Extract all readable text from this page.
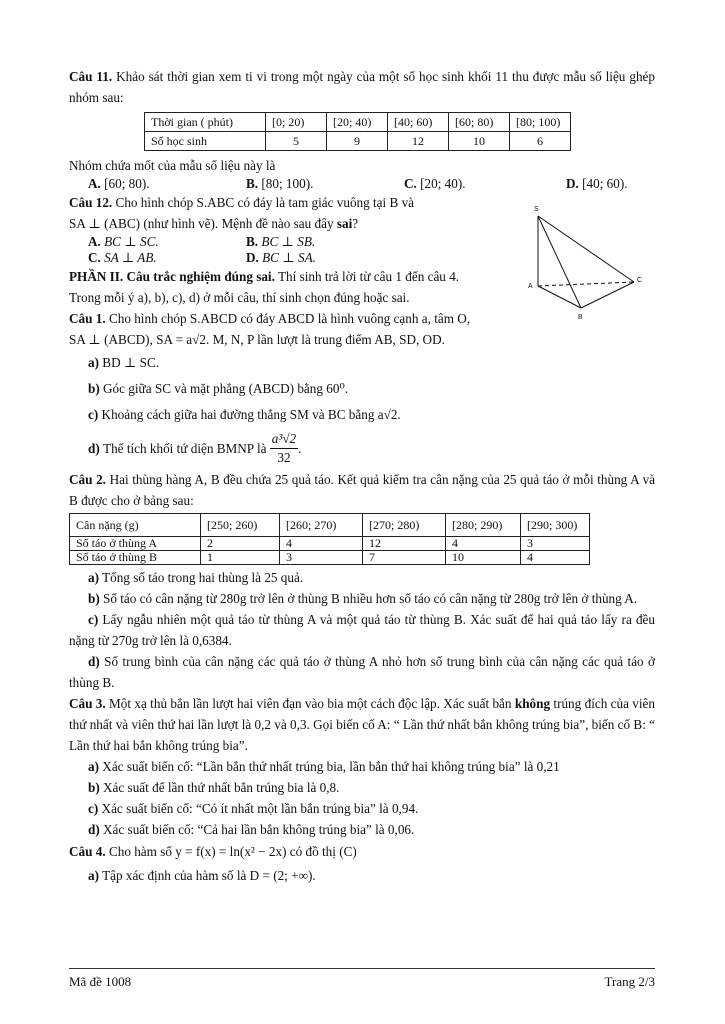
Câu 11. Khảo sát thời gian xem ti vi trong một ngày của một số học sinh khối 11 thu được mẫu số liệu ghép nhóm sau:

Thời gian ( phút)	[0; 20)	[20; 40)	[40; 60)	[60; 80)	[80; 100)
Số học sinh	5	9	12	10	6

Nhóm chứa mốt của mẫu số liệu này là

A. [60; 80).	B. [80; 100).	C. [20; 40).	D. [40; 60).

Câu 12. Cho hình chóp S.ABC có đáy là tam giác vuông tại B và

SA ⊥ (ABC) (như hình vẽ). Mệnh đề nào sau đây sai?

A. BC ⊥ SC.	B. BC ⊥ SB.
C. SA ⊥ AB.	D. BC ⊥ SA.

PHẦN II. Câu trắc nghiệm đúng sai. Thí sinh trả lời từ câu 1 đến câu 4.

Trong mỗi ý a), b), c), d) ở mỗi câu, thí sinh chọn đúng hoặc sai.

Câu 1. Cho hình chóp S.ABCD có đáy ABCD là hình vuông cạnh a, tâm O,

SA ⊥ (ABCD), SA = a√2. M, N, P lần lượt là trung điểm AB, SD, OD.

a) BD ⊥ SC.

b) Góc giữa SC và mặt phẳng (ABCD) bằng 60⁰.

c) Khoảng cách giữa hai đường thẳng SM và BC bằng a√2.

d)
Thể tích khối tứ diện BMNP là

a³√2
32
.

Câu 2. Hai thùng hàng A, B đều chứa 25 quả táo. Kết quả kiểm tra cân nặng của 25 quả táo ở mỗi thùng A và B được cho ở bảng sau:

Cân nặng (g)	[250; 260)	[260; 270)	[270; 280)	[280; 290)	[290; 300)
Số táo ở thùng A	2	4	12	4	3
Số táo ở thùng B	1	3	7	10	4

a) Tổng số táo trong hai thùng là 25 quả.

b) Số táo có cân nặng từ 280g trở lên ở thùng B nhiều hơn số táo có cân nặng từ 280g trở lên ở thùng A.

c) Lấy ngẫu nhiên một quả táo từ thùng A và một quả táo từ thùng B. Xác suất để hai quả táo lấy ra đều nặng từ 270g trở lên là 0,6384.

d) Số trung bình của cân nặng các quả táo ở thùng A nhỏ hơn số trung bình của cân nặng các quả táo ở thùng B.

Câu 3. Một xạ thủ bắn lần lượt hai viên đạn vào bia một cách độc lập. Xác suất bắn không trúng đích của viên thứ nhất và viên thứ hai lần lượt là 0,2 và 0,3. Gọi biến cố A: “ Lần thứ nhất bắn không trúng bia”, biến cố B: “ Lần thứ hai bắn không trúng bia”.

a) Xác suất biến cố: “Lần bắn thứ nhất trúng bia, lần bắn thứ hai không trúng bia” là 0,21

b) Xác suất để lần thứ nhất bắn trúng bia là 0,8.

c) Xác suất biến cố: “Có ít nhất một lần bắn trúng bia” là 0,94.

d) Xác suất biến cố: “Cả hai lần bắn không trúng bia” là 0,06.

Câu 4. Cho hàm số y = f(x) = ln(x² − 2x) có đồ thị (C)

a) Tập xác định của hàm số là D = (2; +∞).

S
A
B
C
Mã đề 1008	Trang 2/3
